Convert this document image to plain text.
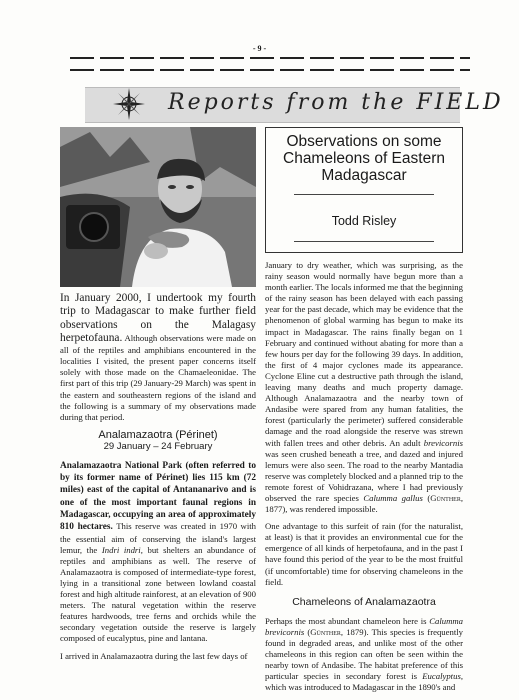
- 9 -
Reports from the FIELD
Observations on some Chameleons of Eastern Madagascar
Todd Risley

In January 2000, I undertook my fourth trip to Madagascar to make further field observations on the Malagasy herpetofauna. Although observations were made on all of the reptiles and amphibians encountered in the localities I visited, the present paper concerns itself solely with those made on the Chamaeleonidae. The first part of this trip (29 January-29 March) was spent in the eastern and southeastern regions of the island and the following is a summary of my observations made during that period.

Analamazaotra (Périnet)
29 January – 24 February

Analamazaotra National Park (often referred to by its former name of Périnet) lies 115 km (72 miles) east of the capital of Antananarivo and is one of the most important faunal regions in Madagascar, occupying an area of approximately 810 hectares. This reserve was created in 1970 with the essential aim of conserving the island's largest lemur, the Indri indri, but shelters an abundance of reptiles and amphibians as well. The reserve of Analamazaotra is composed of intermediate-type forest, lying in a transitional zone between lowland coastal forest and high altitude rainforest, at an elevation of 900 meters. The natural vegetation within the reserve features hardwoods, tree ferns and orchids while the secondary vegetation outside the reserve is largely composed of eucalyptus, pine and lantana.

I arrived in Analamazaotra during the last few days of

January to dry weather, which was surprising, as the rainy season would normally have begun more than a month earlier. The locals informed me that the beginning of the rainy season has been delayed with each passing year for the past decade, which may be evidence that the phenomenon of global warming has begun to make its impact in Madagascar. The rains finally began on 1 February and continued without abating for more than a few hours per day for the following 39 days. In addition, the first of 4 major cyclones made its appearance. Cyclone Eline cut a destructive path through the island, leaving many deaths and much property damage. Although Analamazaotra and the nearby town of Andasibe were spared from any human fatalities, the forest (particularly the perimeter) suffered considerable damage and the road alongside the reserve was strewn with fallen trees and other debris. An adult brevicornis was seen crushed beneath a tree, and dazed and injured lemurs were also seen. The road to the nearby Mantadia reserve was completely blocked and a planned trip to the remote forest of Vohidrazana, where I had previously observed the rare species Calumma gallus (Günther, 1877), was rendered impossible.

One advantage to this surfeit of rain (for the naturalist, at least) is that it provides an environmental cue for the emergence of all kinds of herpetofauna, and in the past I have found this period of the year to be the most fruitful (if uncomfortable) time for observing chameleons in the field.

Chameleons of Analamazaotra

Perhaps the most abundant chameleon here is Calumma brevicornis (Günther, 1879). This species is frequently found in degraded areas, and unlike most of the other chameleons in this region can often be seen within the nearby town of Andasibe. The habitat preference of this particular species in secondary forest is Eucalyptus, which was introduced to Madagascar in the 1890's and
